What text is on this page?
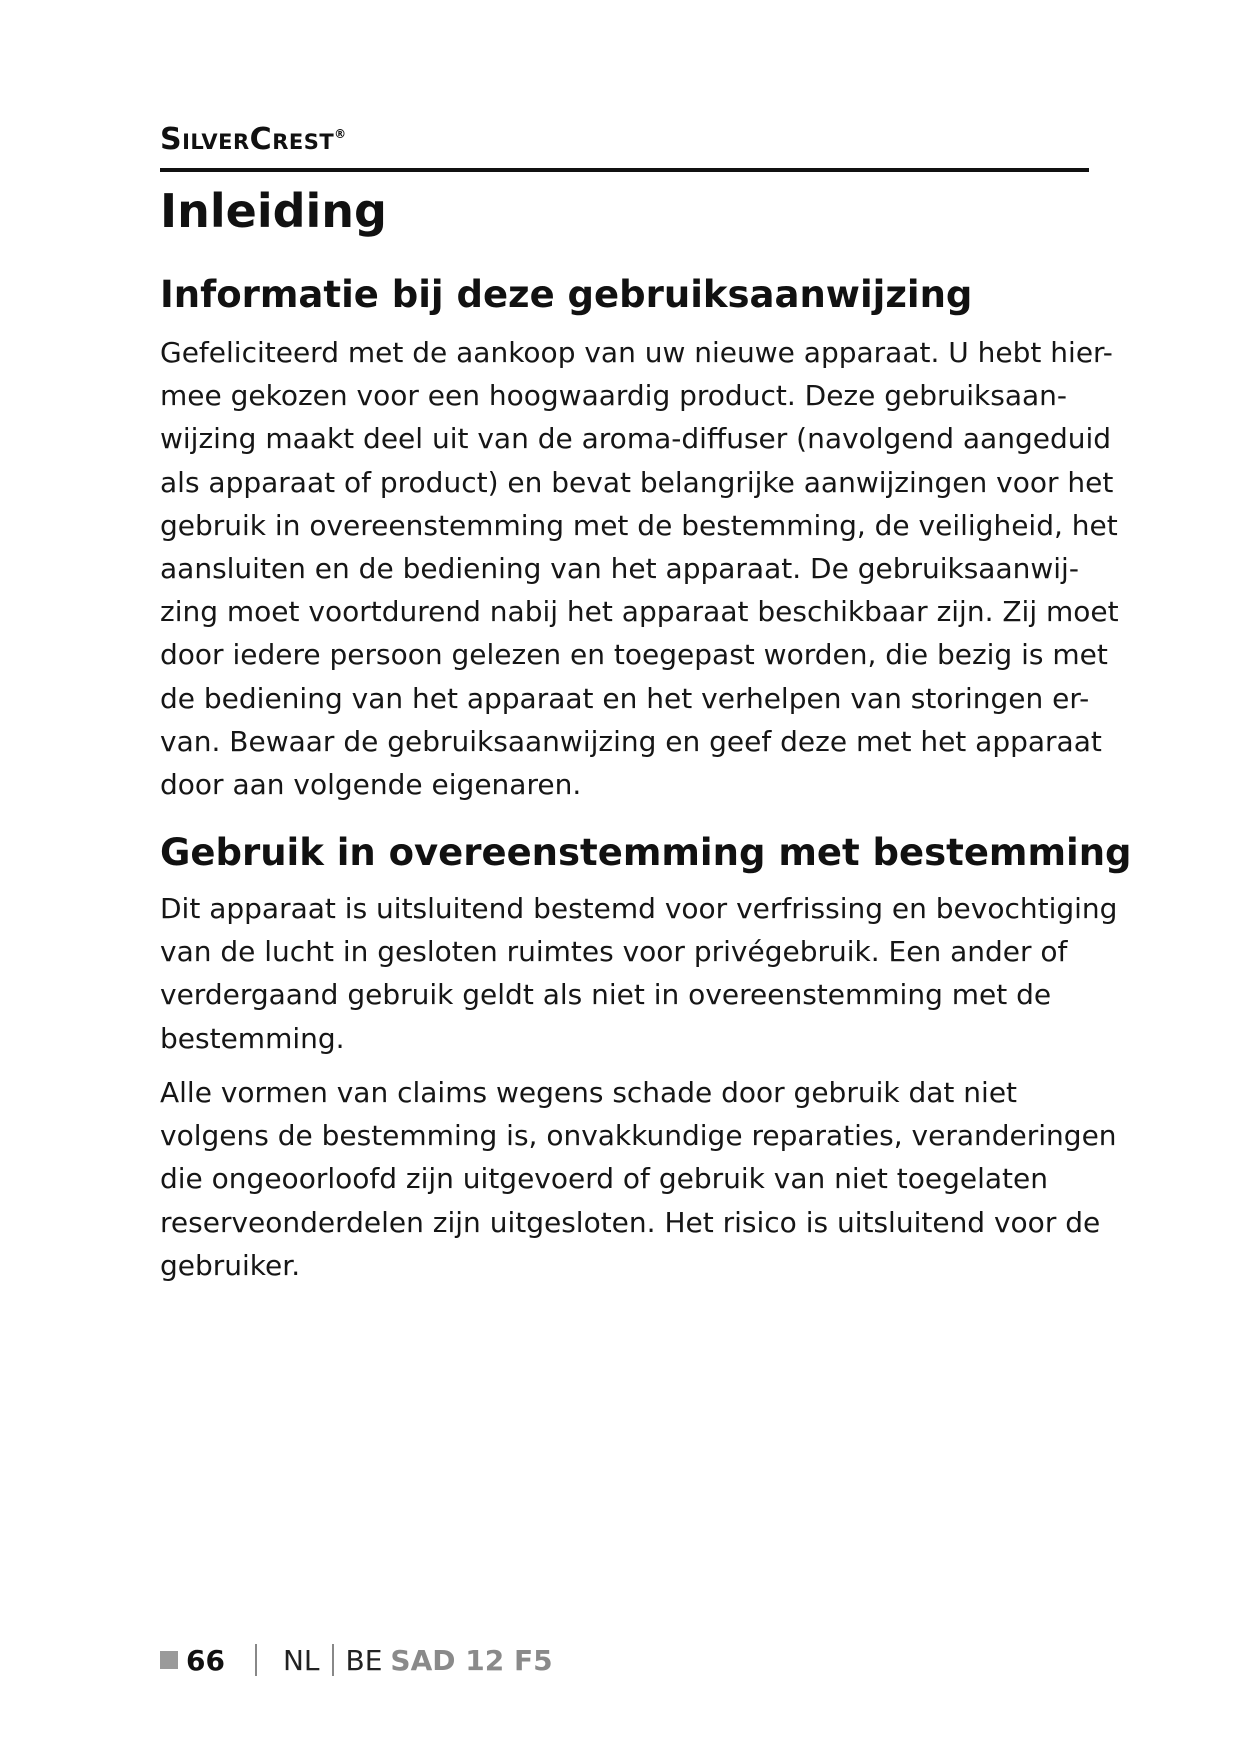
SilverCrest®
Inleiding
Informatie bij deze gebruiksaanwijzing

Gefeliciteerd met de aankoop van uw nieuwe apparaat. U hebt hier-
mee gekozen voor een hoogwaardig product. Deze gebruiksaan-
wijzing maakt deel uit van de aroma-diffuser (navolgend aangeduid
als apparaat of product) en bevat belangrijke aanwijzingen voor het
gebruik in overeenstemming met de bestemming, de veiligheid, het
aansluiten en de bediening van het apparaat. De gebruiksaanwij-
zing moet voortdurend nabij het apparaat beschikbaar zijn. Zij moet
door iedere persoon gelezen en toegepast worden, die bezig is met
de bediening van het apparaat en het verhelpen van storingen er-
van. Bewaar de gebruiksaanwijzing en geef deze met het apparaat
door aan volgende eigenaren.

Gebruik in overeenstemming met bestemming

Dit apparaat is uitsluitend bestemd voor verfrissing en bevochtiging
van de lucht in gesloten ruimtes voor privégebruik. Een ander of
verdergaand gebruik geldt als niet in overeenstemming met de
bestemming.

Alle vormen van claims wegens schade door gebruik dat niet
volgens de bestemming is, onvakkundige reparaties, veranderingen
die ongeoorloofd zijn uitgevoerd of gebruik van niet toegelaten
reserveonderdelen zijn uitgesloten. Het risico is uitsluitend voor de
gebruiker.

66 NL BE SAD 12 F5
